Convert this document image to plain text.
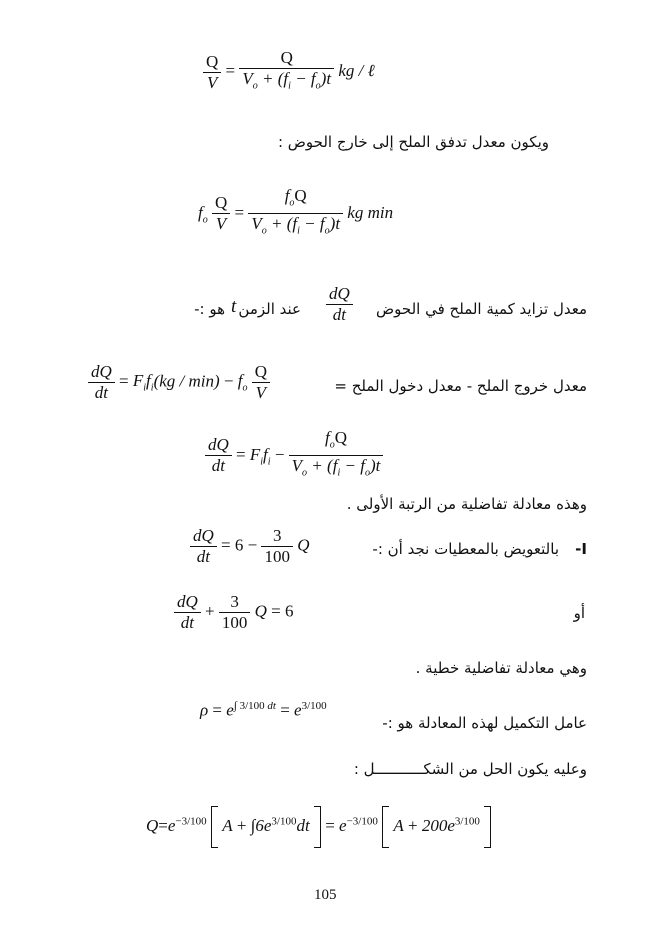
$\frac{Q}{V} = \frac{Q}{V_o + (f_i - f_o)t}$ kg / ℓ
ويكون معدل تدفق الملح إلى خارج الحوض :
$f_o \frac{Q}{V} = \frac{f_oQ}{V_o + (f_i - f_o)t}$ kg min
معدل تزايد كمية الملح في الحوض
$\frac{dQ}{dt}$
عند الزمن
t
هو :-
$\frac{dQ}{dt} = F_if_i(kg / \min) - f_o \frac{Q}{V}$	معدل خروج الملح - معدل دخول الملح =
$\frac{dQ}{dt} = F_if_i - \frac{f_oQ}{V_o + (f_i - f_o)t}$
وهذه معادلة تفاضلية من الرتبة الأولى .
$\frac{dQ}{dt} = 6 - \frac{3}{100}$ Q	I-
بالتعويض بالمعطيات نجد أن :-
$\frac{dQ}{dt} + \frac{3}{100}$ Q = 6	أو
وهي معادلة تفاضلية خطية .
$\rho = e^{\int 3/100 dt} = e^{3/100}$
عامل التكميل لهذه المعادلة هو :-
وعليه يكون الحل من الشكـــــــــــل :
$Q=e^{-3/100}$ $A + \int 6e^{3/100}dt = e^{-3/100}$ $A + 200e^{3/100}$
105
